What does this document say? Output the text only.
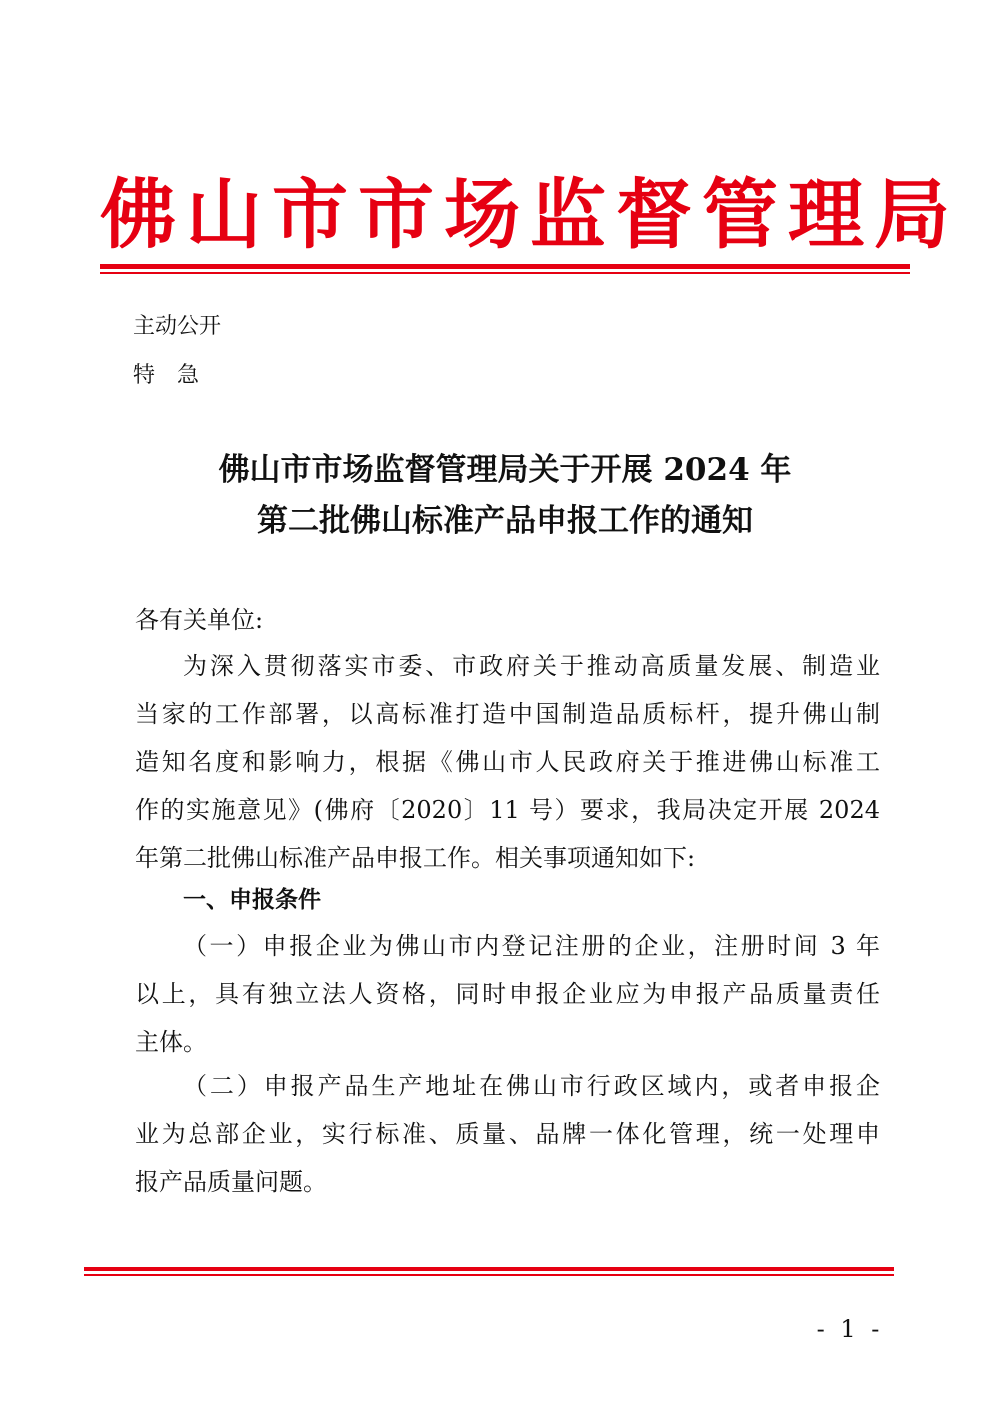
佛山市市场监督管理局
主动公开
特急
佛山市市场监督管理局关于开展 2024 年
第二批佛山标准产品申报工作的通知
各有关单位:
为深入贯彻落实市委、市政府关于推动高质量发展、制造业
当家的工作部署，以高标准打造中国制造品质标杆，提升佛山制
造知名度和影响力，根据《佛山市人民政府关于推进佛山标准工
作的实施意见》(佛府〔2020〕11 号）要求，我局决定开展 2024
年第二批佛山标准产品申报工作。相关事项通知如下:
一、申报条件
（一）申报企业为佛山市内登记注册的企业，注册时间 3 年
以上，具有独立法人资格，同时申报企业应为申报产品质量责任
主体。
（二）申报产品生产地址在佛山市行政区域内，或者申报企
业为总部企业，实行标准、质量、品牌一体化管理，统一处理申
报产品质量问题。
- 1 -
